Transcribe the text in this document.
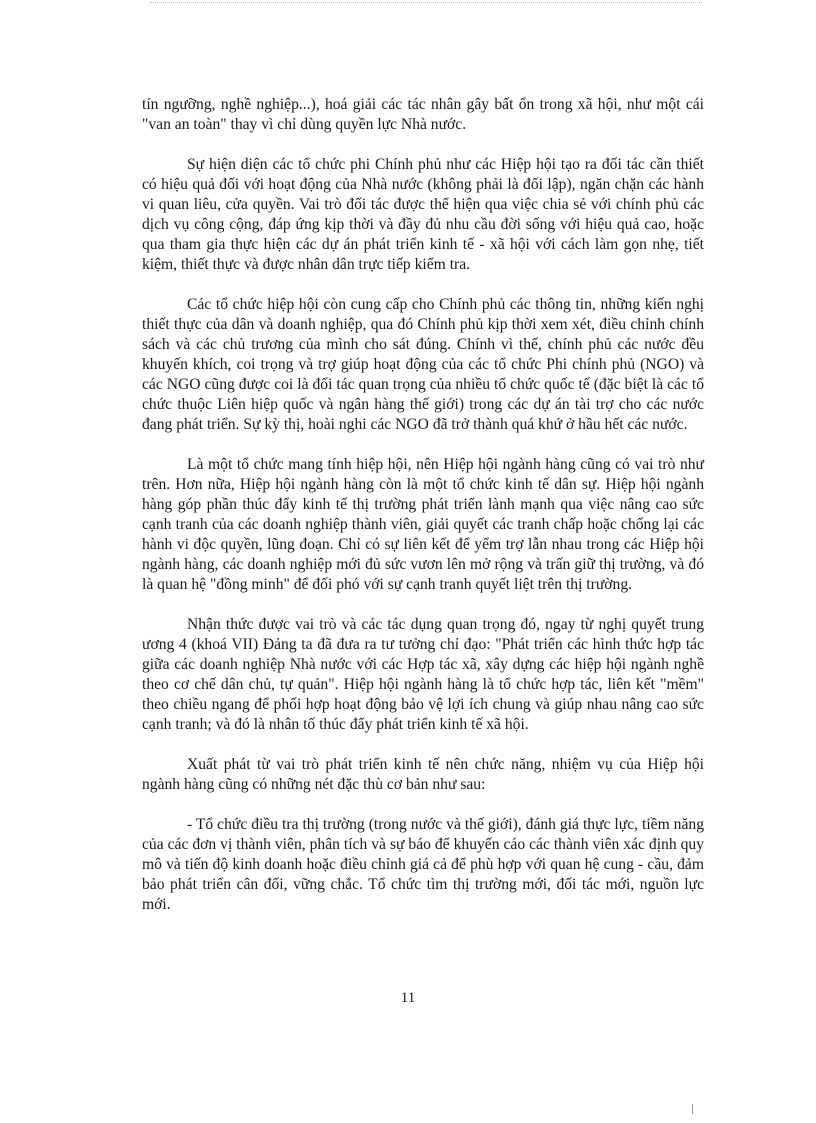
tín ngưỡng, nghề nghiệp...), hoá giải các tác nhân gây bất ổn trong xã hội, như một cái "van an toàn" thay vì chỉ dùng quyền lực Nhà nước.

Sự hiện diện các tổ chức phi Chính phủ như các Hiệp hội tạo ra đối tác cần thiết có hiệu quả đối với hoạt động của Nhà nước (không phải là đối lập), ngăn chặn các hành vi quan liêu, cửa quyền. Vai trò đối tác được thể hiện qua việc chia sẻ với chính phủ các dịch vụ công cộng, đáp ứng kịp thời và đầy đủ nhu cầu đời sống với hiệu quả cao, hoặc qua tham gia thực hiện các dự án phát triển kinh tế - xã hội với cách làm gọn nhẹ, tiết kiệm, thiết thực và được nhân dân trực tiếp kiểm tra.

Các tổ chức hiệp hội còn cung cấp cho Chính phủ các thông tin, những kiến nghị thiết thực của dân và doanh nghiệp, qua đó Chính phủ kịp thời xem xét, điều chỉnh chính sách và các chủ trương của mình cho sát đúng. Chính vì thế, chính phủ các nước đều khuyến khích, coi trọng và trợ giúp hoạt động của các tổ chức Phi chính phủ (NGO) và các NGO cũng được coi là đối tác quan trọng của nhiều tổ chức quốc tế (đặc biệt là các tổ chức thuộc Liên hiệp quốc và ngân hàng thế giới) trong các dự án tài trợ cho các nước đang phát triển. Sự kỳ thị, hoài nghi các NGO đã trở thành quá khứ ở hầu hết các nước.

Là một tổ chức mang tính hiệp hội, nên Hiệp hội ngành hàng cũng có vai trò như trên. Hơn nữa, Hiệp hội ngành hàng còn là một tổ chức kinh tế dân sự. Hiệp hội ngành hàng góp phần thúc đẩy kinh tế thị trường phát triển lành mạnh qua việc nâng cao sức cạnh tranh của các doanh nghiệp thành viên, giải quyết các tranh chấp hoặc chống lại các hành vi độc quyền, lũng đoạn. Chỉ có sự liên kết để yểm trợ lẫn nhau trong các Hiệp hội ngành hàng, các doanh nghiệp mới đủ sức vươn lên mở rộng và trấn giữ thị trường, và đó là quan hệ "đồng minh" để đối phó với sự cạnh tranh quyết liệt trên thị trường.

Nhận thức được vai trò và các tác dụng quan trọng đó, ngay từ nghị quyết trung ương 4 (khoá VII) Đảng ta đã đưa ra tư tưởng chỉ đạo: "Phát triển các hình thức hợp tác giữa các doanh nghiệp Nhà nước với các Hợp tác xã, xây dựng các hiệp hội ngành nghề theo cơ chế dân chủ, tự quản". Hiệp hội ngành hàng là tổ chức hợp tác, liên kết "mềm" theo chiều ngang để phối hợp hoạt động bảo vệ lợi ích chung và giúp nhau nâng cao sức cạnh tranh; và đó là nhân tố thúc đẩy phát triển kinh tế xã hội.

Xuất phát từ vai trò phát triển kinh tế nên chức năng, nhiệm vụ của Hiệp hội ngành hàng cũng có những nét đặc thù cơ bản như sau:

- Tổ chức điều tra thị trường (trong nước và thế giới), đánh giá thực lực, tiềm năng của các đơn vị thành viên, phân tích và sự báo để khuyến cáo các thành viên xác định quy mô và tiến độ kinh doanh hoặc điều chỉnh giá cả để phù hợp với quan hệ cung - cầu, đảm bảo phát triển cân đối, vững chắc. Tổ chức tìm thị trường mới, đối tác mới, nguồn lực mới.

11
